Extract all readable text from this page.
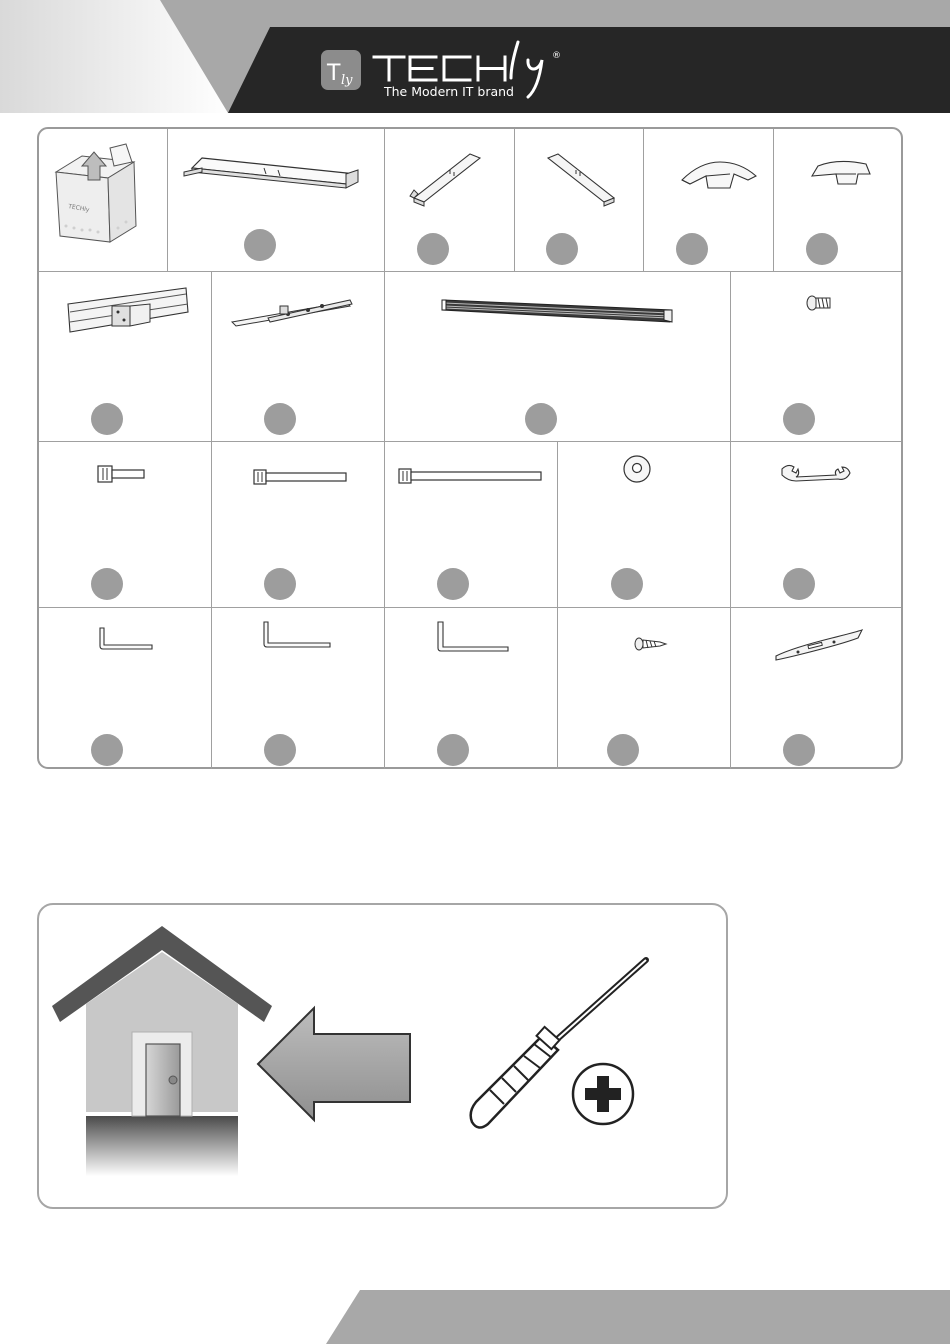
T ly
®
The Modern IT brand
TECHly
